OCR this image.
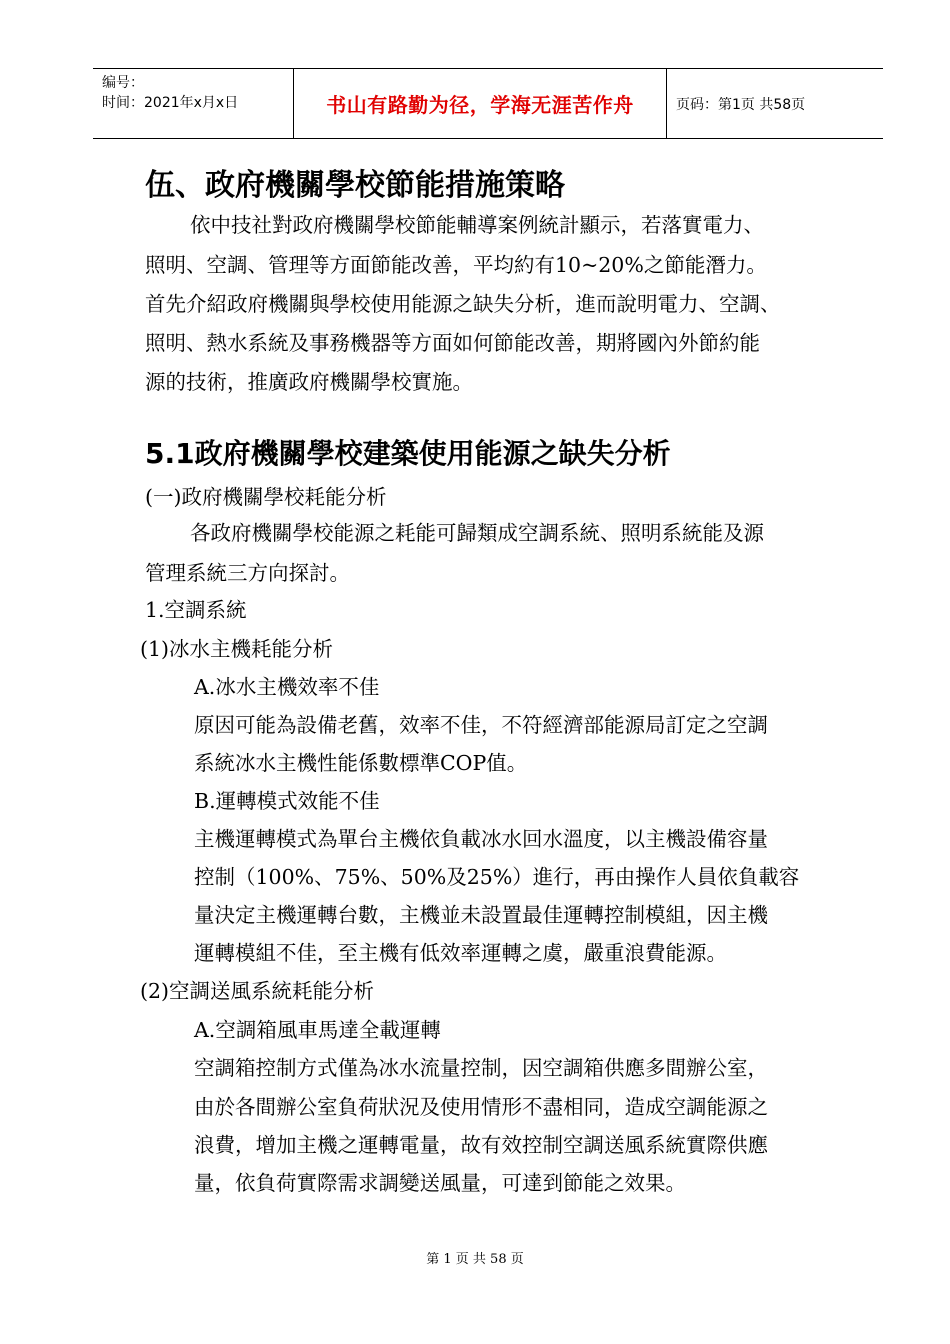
编号：
时间：2021年x月x日	书山有路勤为径，学海无涯苦作舟	页码：第1页 共58页
伍、政府機關學校節能措施策略
依中技社對政府機關學校節能輔導案例統計顯示，若落實電力、
照明、空調、管理等方面節能改善，平均約有10~20%之節能潛力。
首先介紹政府機關與學校使用能源之缺失分析，進而說明電力、空調、
照明、熱水系統及事務機器等方面如何節能改善，期將國內外節約能
源的技術，推廣政府機關學校實施。
5.1政府機關學校建築使用能源之缺失分析
(一)政府機關學校耗能分析
各政府機關學校能源之耗能可歸類成空調系統、照明系統能及源
管理系統三方向探討。
1.空調系統
(1)冰水主機耗能分析
A.冰水主機效率不佳
原因可能為設備老舊，效率不佳，不符經濟部能源局訂定之空調
系統冰水主機性能係數標準COP值。
B.運轉模式效能不佳
主機運轉模式為單台主機依負載冰水回水溫度，以主機設備容量
控制（100%、75%、50%及25%）進行，再由操作人員依負載容
量決定主機運轉台數，主機並未設置最佳運轉控制模組，因主機
運轉模組不佳，至主機有低效率運轉之虞，嚴重浪費能源。
(2)空調送風系統耗能分析
A.空調箱風車馬達全載運轉
空調箱控制方式僅為冰水流量控制，因空調箱供應多間辦公室，
由於各間辦公室負荷狀況及使用情形不盡相同，造成空調能源之
浪費，增加主機之運轉電量，故有效控制空調送風系統實際供應
量，依負荷實際需求調變送風量，可達到節能之效果。
第 1 页 共 58 页
